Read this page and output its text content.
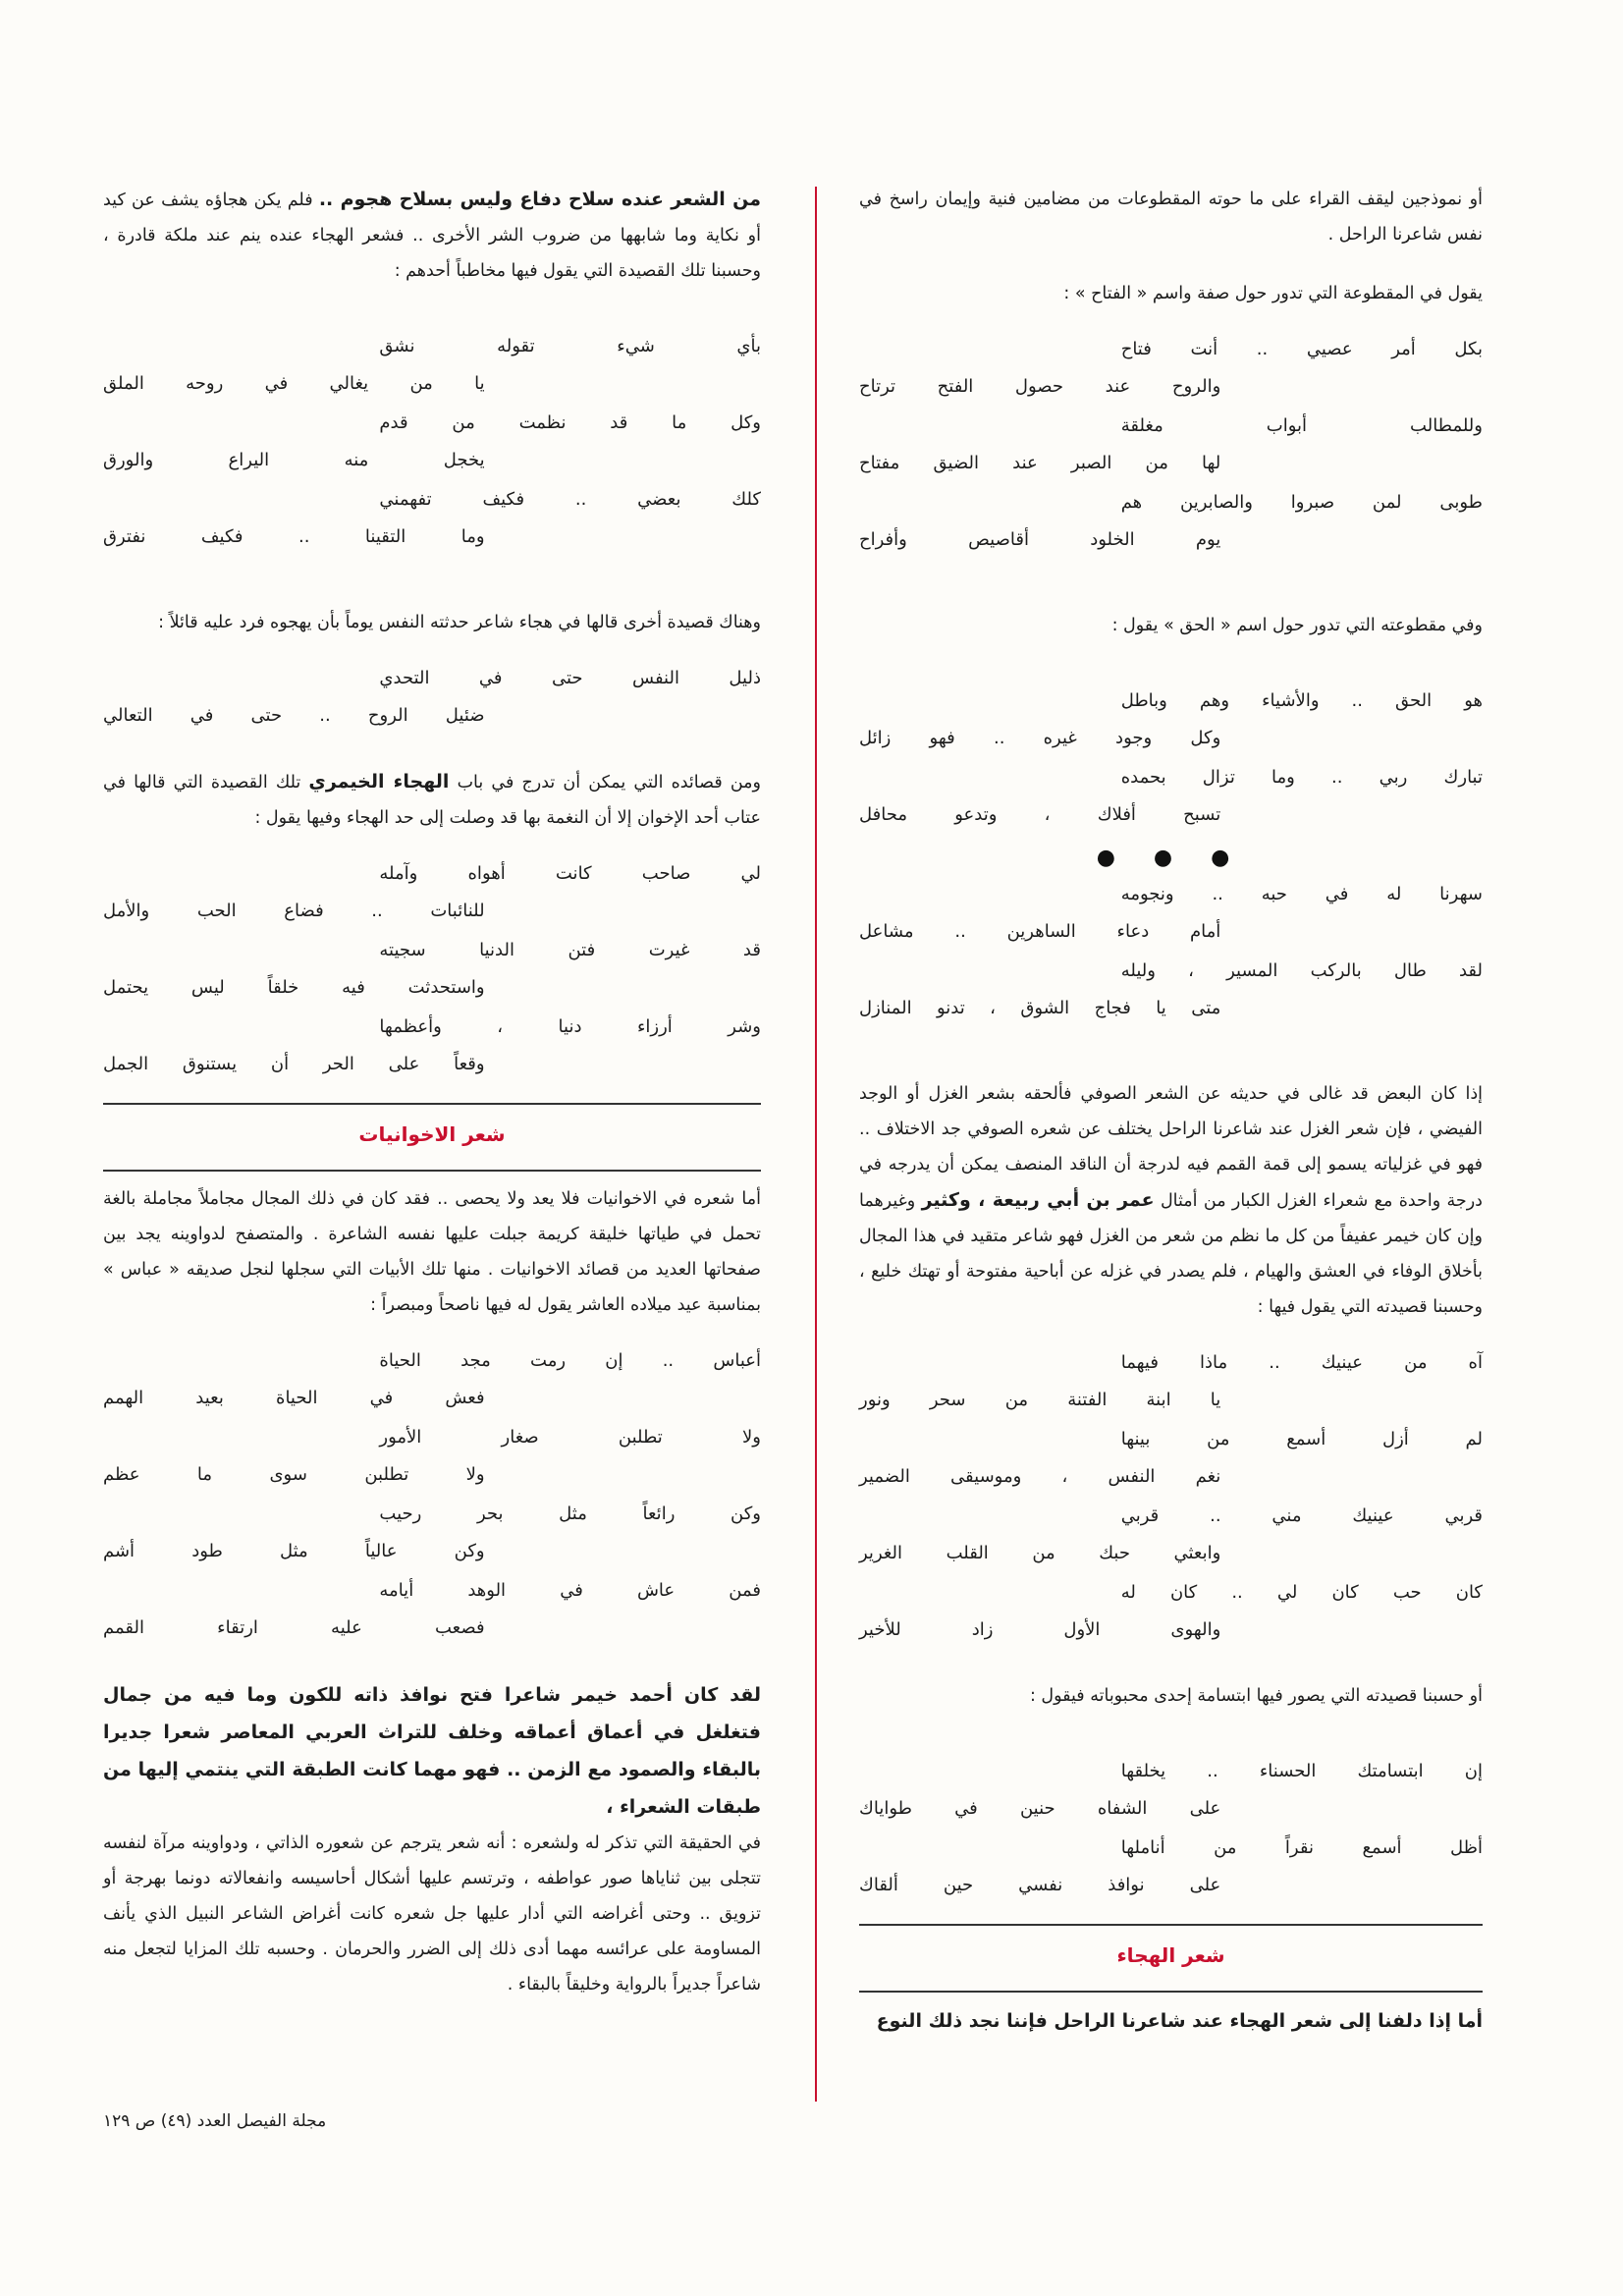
أو نموذجين ليقف القراء على ما حوته المقطوعات من مضامين فنية وإيمان راسخ في نفس شاعرنا الراحل .

يقول في المقطوعة التي تدور حول صفة واسم « الفتاح » :

بكل أمر عصيي .. أنت فتاح
والروح عند حصول الفتح ترتاح
وللمطالب أبواب مغلقة
لها من الصبر عند الضيق مفتاح
طوبى لمن صبروا والصابرين هم
يوم الخلود أقاصيص وأفراح

وفي مقطوعته التي تدور حول اسم « الحق » يقول :

هو الحق .. والأشياء وهم وباطل
وكل وجود غيره .. فهو زائل
تبارك ربي .. وما تزال بحمده
تسبح أفلاك ، وتدعو محافل
● ● ●
سهرنا له في حبه .. ونجومه
أمام دعاء الساهرين .. مشاعل
لقد طال بالركب المسير ، وليله
متى يا فجاج الشوق ، تدنو المنازل

إذا كان البعض قد غالى في حديثه عن الشعر الصوفي فألحقه بشعر الغزل أو الوجد الفيضي ، فإن شعر الغزل عند شاعرنا الراحل يختلف عن شعره الصوفي جد الاختلاف .. فهو في غزلياته يسمو إلى قمة القمم فيه لدرجة أن الناقد المنصف يمكن أن يدرجه في درجة واحدة مع شعراء الغزل الكبار من أمثال عمر بن أبي ربيعة ، وكثير وغيرهما وإن كان خيمر عفيفاً من كل ما نظم من شعر من الغزل فهو شاعر متقيد في هذا المجال بأخلاق الوفاء في العشق والهيام ، فلم يصدر في غزله عن أباحية مفتوحة أو تهتك خليع ، وحسبنا قصيدته التي يقول فيها :

آه من عينيك .. ماذا فيهما
يا ابنة الفتنة من سحر ونور
لم أزل أسمع من بينها
نغم النفس ، وموسيقى الضمير
قربي عينيك مني .. قربي
وابعثي حبك من القلب الغرير
كان حب كان لي .. كان له
والهوى الأول زاد للأخير

أو حسبنا قصيدته التي يصور فيها ابتسامة إحدى محبوباته فيقول :

إن ابتسامتك الحسناء .. يخلقها
على الشفاه حنين في طواياك
أظل أسمع نقراً من أناملها
على نوافذ نفسي حين ألقاك
شعر الهجاء

أما إذا دلفنا إلى شعر الهجاء عند شاعرنا الراحل فإننا نجد ذلك النوع

من الشعر عنده سلاح دفاع وليس بسلاح هجوم .. فلم يكن هجاؤه يشف عن كيد أو نكاية وما شابهها من ضروب الشر الأخرى .. فشعر الهجاء عنده ينم عند ملكة قادرة ، وحسبنا تلك القصيدة التي يقول فيها مخاطباً أحدهم :

بأي شيء تقوله نشق
يا من يغالي في روحه الملق
وكل ما قد نظمت من قدم
يخجل منه اليراع والورق
كلك بعضي .. فكيف تفهمني
وما التقينا .. فكيف نفترق

وهناك قصيدة أخرى قالها في هجاء شاعر حدثته النفس يوماً بأن يهجوه فرد عليه قائلاً :

ذليل النفس حتى في التحدي
ضئيل الروح .. حتى في التعالي

ومن قصائده التي يمكن أن تدرج في باب الهجاء الخيمري تلك القصيدة التي قالها في عتاب أحد الإخوان إلا أن النغمة بها قد وصلت إلى حد الهجاء وفيها يقول :

لي صاحب كانت أهواه وآمله
للنائبات .. فضاع الحب والأمل
قد غيرت فتن الدنيا سجيته
واستحدثت فيه خلقاً ليس يحتمل
وشر أرزاء دنيا ، وأعظمها
وقعاً على الحر أن يستنوق الجمل
شعر الاخوانيات

أما شعره في الاخوانيات فلا يعد ولا يحصى .. فقد كان في ذلك المجال مجاملاً مجاملة بالغة تحمل في طياتها خليقة كريمة جبلت عليها نفسه الشاعرة . والمتصفح لدواوينه يجد بين صفحاتها العديد من قصائد الاخوانيات . منها تلك الأبيات التي سجلها لنجل صديقه « عباس » بمناسبة عيد ميلاده العاشر يقول له فيها ناصحاً ومبصراً :

أعباس .. إن رمت مجد الحياة
فعش في الحياة بعيد الهمم
ولا تطلبن صغار الأمور
ولا تطلبن سوى ما عظم
وكن رائعاً مثل بحر رحيب
وكن عالياً مثل طود أشم
فمن عاش في الوهد أيامه
فصعب عليه ارتقاء القمم

لقد كان أحمد خيمر شاعرا فتح نوافذ ذاته للكون وما فيه من جمال فتغلغل في أعماق أعماقه وخلف للتراث العربي المعاصر شعرا جديرا بالبقاء والصمود مع الزمن .. فهو مهما كانت الطبقة التي ينتمي إليها من طبقات الشعراء ،

في الحقيقة التي تذكر له ولشعره : أنه شعر يترجم عن شعوره الذاتي ، ودواوينه مرآة لنفسه تتجلى بين ثناياها صور عواطفه ، وترتسم عليها أشكال أحاسيسه وانفعالاته دونما بهرجة أو تزويق .. وحتى أغراضه التي أدار عليها جل شعره كانت أغراض الشاعر النبيل الذي يأنف المساومة على عرائسه مهما أدى ذلك إلى الضرر والحرمان . وحسبه تلك المزايا لتجعل منه شاعراً جديراً بالرواية وخليقاً بالبقاء .

مجلة الفيصل العدد (٤٩) ص ١٢٩
